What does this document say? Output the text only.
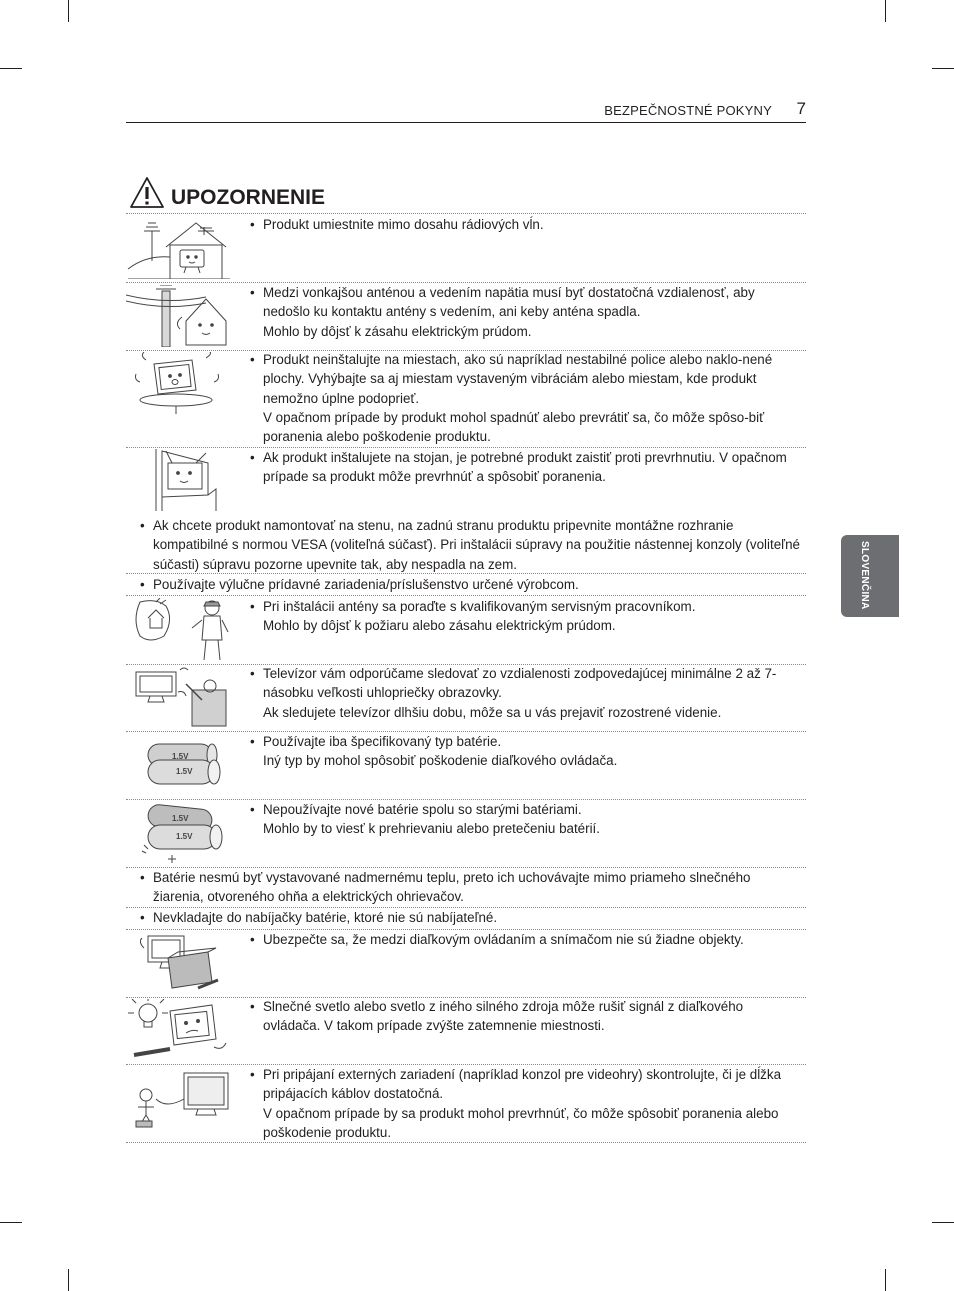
BEZPEČNOSTNÉ POKYNY 7
SLOVENČINA
UPOZORNENIE
1.5V
1.5V
1.5V
1.5V
• Produkt umiestnite mimo dosahu rádiových vĺn.

• Medzi vonkajšou anténou a vedením napätia musí byť dostatočná vzdialenosť, aby nedošlo ku kontaktu antény s vedením, ani keby anténa spadla.

Mohlo by dôjsť k zásahu elektrickým prúdom.

• Produkt neinštalujte na miestach, ako sú napríklad nestabilné police alebo naklo-nené plochy. Vyhýbajte sa aj miestam vystaveným vibráciám alebo miestam, kde produkt nemožno úplne podoprieť.

V opačnom prípade by produkt mohol spadnúť alebo prevrátiť sa, čo môže spôso-biť poranenia alebo poškodenie produktu.

• Ak produkt inštalujete na stojan, je potrebné produkt zaistiť proti prevrhnutiu. V opačnom prípade sa produkt môže prevrhnúť a spôsobiť poranenia.

• Ak chcete produkt namontovať na stenu, na zadnú stranu produktu pripevnite montážne rozhranie kompatibilné s normou VESA (voliteľná súčasť). Pri inštalácii súpravy na použitie nástennej konzoly (voliteľné súčasti) súpravu pozorne upevnite tak, aby nespadla na zem.

• Používajte výlučne prídavné zariadenia/príslušenstvo určené výrobcom.

• Pri inštalácii antény sa poraďte s kvalifikovaným servisným pracovníkom.

Mohlo by dôjsť k požiaru alebo zásahu elektrickým prúdom.

• Televízor vám odporúčame sledovať zo vzdialenosti zodpovedajúcej minimálne 2 až 7-násobku veľkosti uhlopriečky obrazovky.

Ak sledujete televízor dlhšiu dobu, môže sa u vás prejaviť rozostrené videnie.

• Používajte iba špecifikovaný typ batérie.

Iný typ by mohol spôsobiť poškodenie diaľkového ovládača.

• Nepoužívajte nové batérie spolu so starými batériami.

Mohlo by to viesť k prehrievaniu alebo pretečeniu batérií.

• Batérie nesmú byť vystavované nadmernému teplu, preto ich uchovávajte mimo priameho slnečného žiarenia, otvoreného ohňa a elektrických ohrievačov.

• Nevkladajte do nabíjačky batérie, ktoré nie sú nabíjateľné.

• Ubezpečte sa, že medzi diaľkovým ovládaním a snímačom nie sú žiadne objekty.

• Slnečné svetlo alebo svetlo z iného silného zdroja môže rušiť signál z diaľkového ovládača. V takom prípade zvýšte zatemnenie miestnosti.

• Pri pripájaní externých zariadení (napríklad konzol pre videohry) skontrolujte, či je dĺžka pripájacích káblov dostatočná.

V opačnom prípade by sa produkt mohol prevrhnúť, čo môže spôsobiť poranenia alebo poškodenie produktu.
